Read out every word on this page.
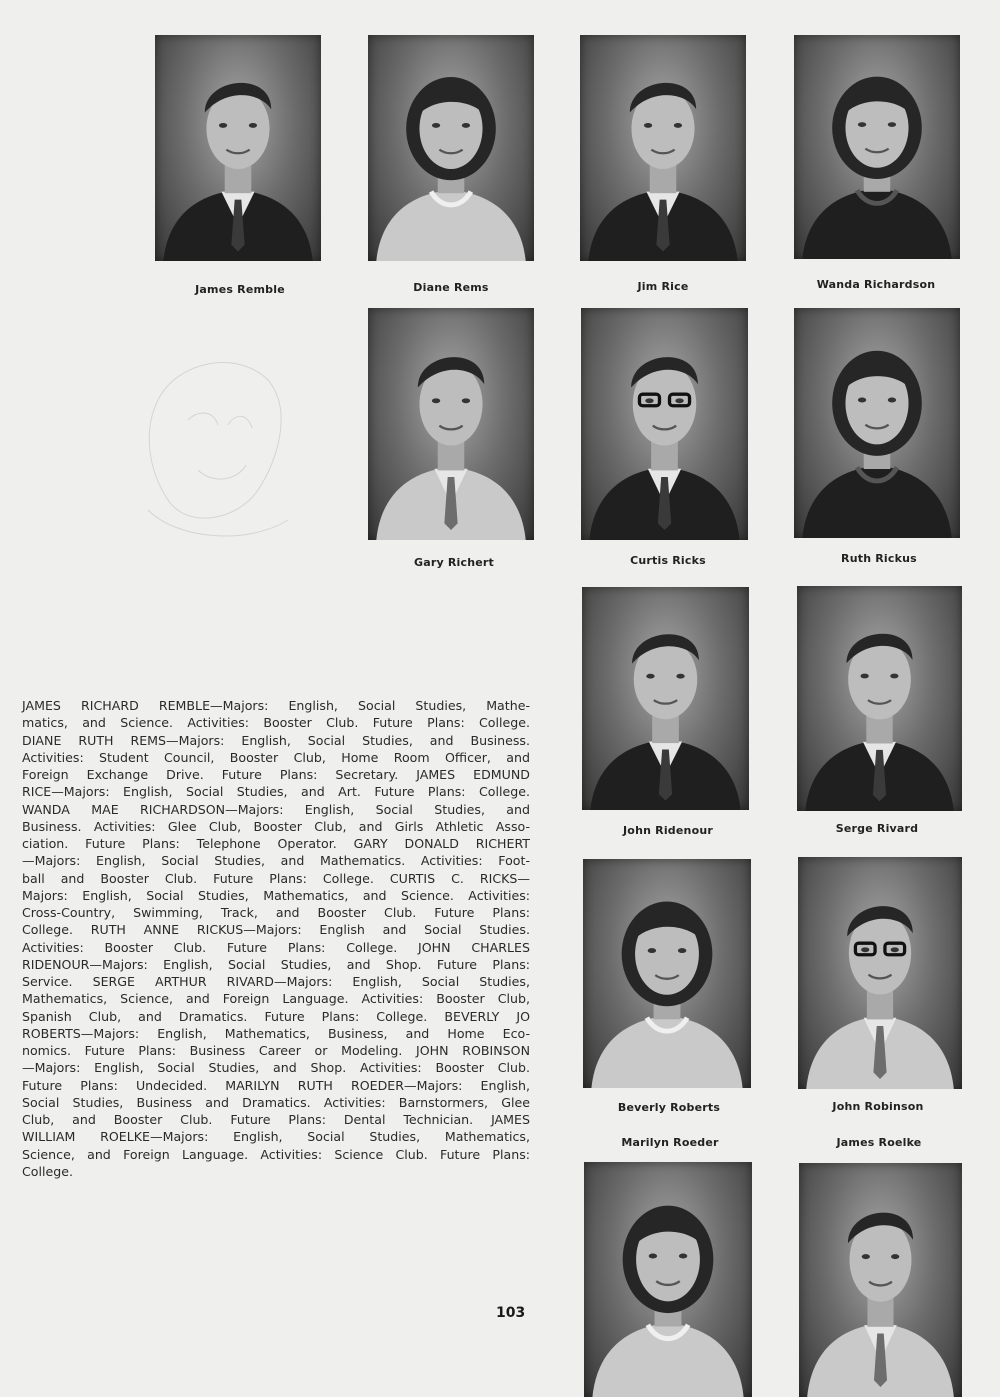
James Remble	Diane Rems	Jim Rice	Wanda Richardson
Gary Richert	Curtis Ricks	Ruth Rickus
John Ridenour	Serge Rivard
Beverly Roberts	John Robinson
Marilyn Roeder	James Roelke
JAMES RICHARD REMBLE—Majors: English, Social Studies, Mathe-
matics, and Science. Activities: Booster Club. Future Plans: College.
DIANE RUTH REMS—Majors: English, Social Studies, and Business.
Activities: Student Council, Booster Club, Home Room Officer, and
Foreign Exchange Drive. Future Plans: Secretary. JAMES EDMUND
RICE—Majors: English, Social Studies, and Art. Future Plans: College.
WANDA MAE RICHARDSON—Majors: English, Social Studies, and
Business. Activities: Glee Club, Booster Club, and Girls Athletic Asso-
ciation. Future Plans: Telephone Operator. GARY DONALD RICHERT
—Majors: English, Social Studies, and Mathematics. Activities: Foot-
ball and Booster Club. Future Plans: College. CURTIS C. RICKS—
Majors: English, Social Studies, Mathematics, and Science. Activities:
Cross-Country, Swimming, Track, and Booster Club. Future Plans:
College. RUTH ANNE RICKUS—Majors: English and Social Studies.
Activities: Booster Club. Future Plans: College. JOHN CHARLES
RIDENOUR—Majors: English, Social Studies, and Shop. Future Plans:
Service. SERGE ARTHUR RIVARD—Majors: English, Social Studies,
Mathematics, Science, and Foreign Language. Activities: Booster Club,
Spanish Club, and Dramatics. Future Plans: College. BEVERLY JO
ROBERTS—Majors: English, Mathematics, Business, and Home Eco-
nomics. Future Plans: Business Career or Modeling. JOHN ROBINSON
—Majors: English, Social Studies, and Shop. Activities: Booster Club.
Future Plans: Undecided. MARILYN RUTH ROEDER—Majors: English,
Social Studies, Business and Dramatics. Activities: Barnstormers, Glee
Club, and Booster Club. Future Plans: Dental Technician. JAMES
WILLIAM ROELKE—Majors: English, Social Studies, Mathematics,
Science, and Foreign Language. Activities: Science Club. Future Plans:
College.
103
